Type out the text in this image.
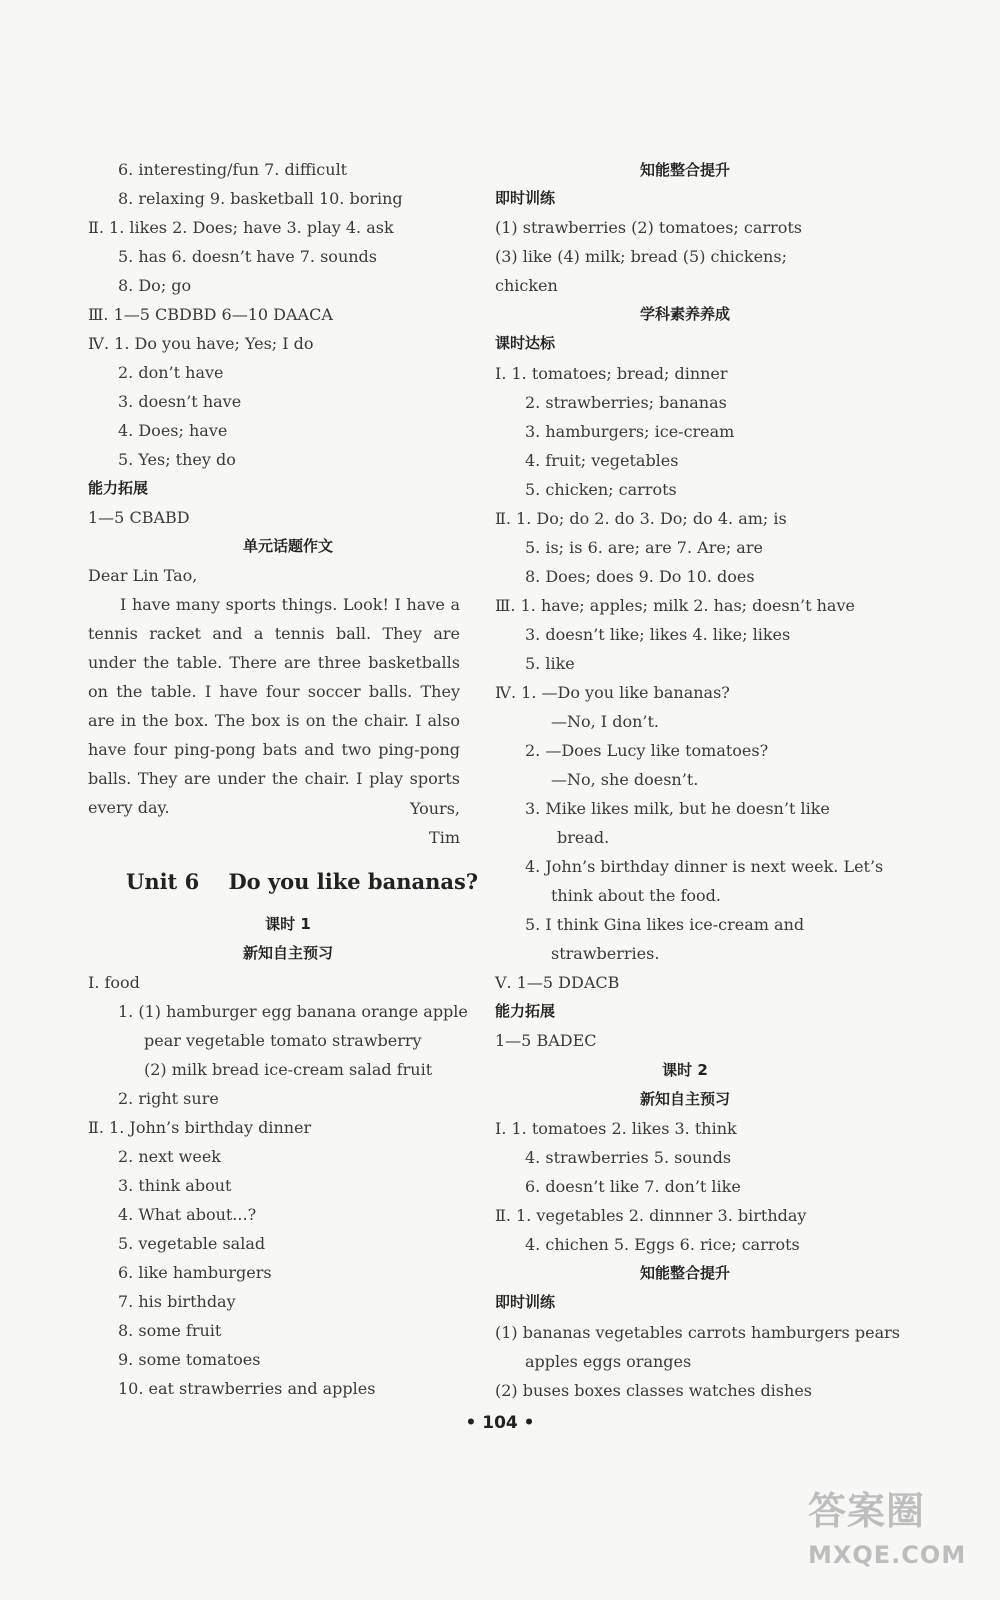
6. interesting/fun 7. difficult
8. relaxing 9. basketball 10. boring
Ⅱ. 1. likes 2. Does; have 3. play 4. ask
5. has 6. doesn’t have 7. sounds
8. Do; go
Ⅲ. 1—5 CBDBD 6—10 DAACA
Ⅳ. 1. Do you have; Yes; I do
2. don’t have
3. doesn’t have
4. Does; have
5. Yes; they do
能力拓展
1—5 CBABD
单元话题作文
Dear Lin Tao,
I have many sports things. Look! I have a tennis racket and a tennis ball. They are under the table. There are three basketballs on the table. I have four soccer balls. They are in the box. The box is on the chair. I also have four ping-pong bats and two ping-pong balls. They are under the chair. I play sports every day.	Yours,
Tim
Unit 6 Do you like bananas?
课时 1
新知自主预习
Ⅰ. food
1. (1) hamburger egg banana orange apple
pear vegetable tomato strawberry
(2) milk bread ice-cream salad fruit
2. right sure
Ⅱ. 1. John’s birthday dinner
2. next week
3. think about
4. What about...?
5. vegetable salad
6. like hamburgers
7. his birthday
8. some fruit
9. some tomatoes
10. eat strawberries and apples
知能整合提升
即时训练
(1) strawberries (2) tomatoes; carrots
(3) like (4) milk; bread (5) chickens;
chicken
学科素养养成
课时达标
Ⅰ. 1. tomatoes; bread; dinner
2. strawberries; bananas
3. hamburgers; ice-cream
4. fruit; vegetables
5. chicken; carrots
Ⅱ. 1. Do; do 2. do 3. Do; do 4. am; is
5. is; is 6. are; are 7. Are; are
8. Does; does 9. Do 10. does
Ⅲ. 1. have; apples; milk 2. has; doesn’t have
3. doesn’t like; likes 4. like; likes
5. like
Ⅳ. 1. —Do you like bananas?
—No, I don’t.
2. —Does Lucy like tomatoes?
—No, she doesn’t.
3. Mike likes milk, but he doesn’t like
bread.
4. John’s birthday dinner is next week. Let’s
think about the food.
5. I think Gina likes ice-cream and
strawberries.
Ⅴ. 1—5 DDACB
能力拓展
1—5 BADEC
课时 2
新知自主预习
Ⅰ. 1. tomatoes 2. likes 3. think
4. strawberries 5. sounds
6. doesn’t like 7. don’t like
Ⅱ. 1. vegetables 2. dinnner 3. birthday
4. chichen 5. Eggs 6. rice; carrots
知能整合提升
即时训练
(1) bananas vegetables carrots hamburgers pears
apples eggs oranges
(2) buses boxes classes watches dishes
• 104 •
答案圈
MXQE.COM
